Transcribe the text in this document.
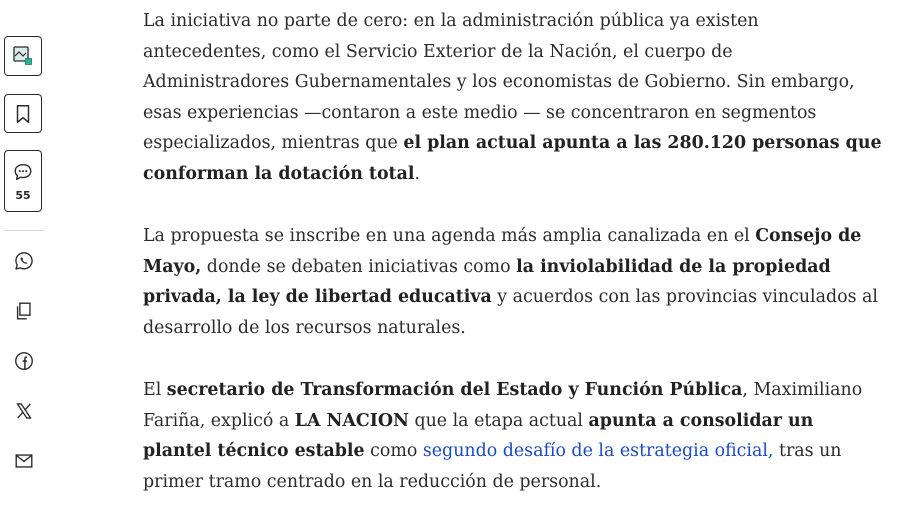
55

La iniciativa no parte de cero: en la administración pública ya existen antecedentes, como el Servicio Exterior de la Nación, el cuerpo de Administradores Gubernamentales y los economistas de Gobierno. Sin embargo, esas experiencias —contaron a este medio — se concentraron en segmentos especializados, mientras que el plan actual apunta a las 280.120 personas que conforman la dotación total.

La propuesta se inscribe en una agenda más amplia canalizada en el Consejo de Mayo, donde se debaten iniciativas como la inviolabilidad de la propiedad privada, la ley de libertad educativa y acuerdos con las provincias vinculados al desarrollo de los recursos naturales.

El secretario de Transformación del Estado y Función Pública, Maximiliano Fariña, explicó a LA NACION que la etapa actual apunta a consolidar un plantel técnico estable como segundo desafío de la estrategia oficial, tras un primer tramo centrado en la reducción de personal.
